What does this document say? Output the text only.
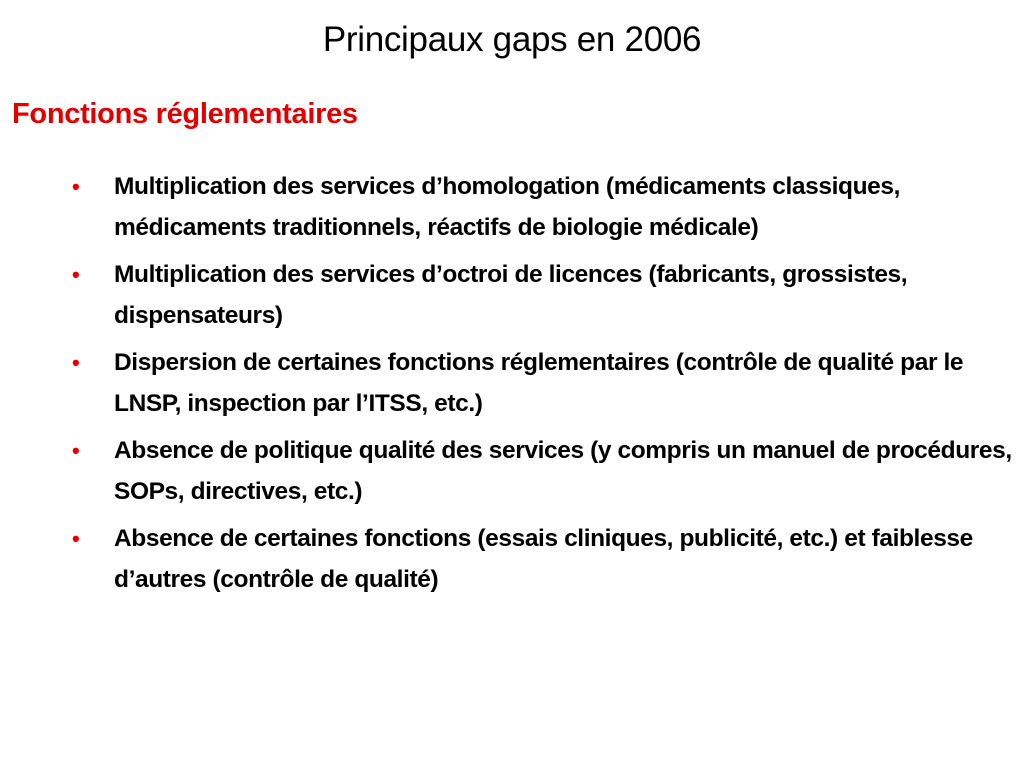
Principaux gaps en 2006
Fonctions réglementaires
• Multiplication des services d’homologation (médicaments classiques, médicaments traditionnels, réactifs de biologie médicale)
• Multiplication des services d’octroi de licences (fabricants, grossistes, dispensateurs)
• Dispersion de certaines fonctions réglementaires (contrôle de qualité par le LNSP, inspection par l’ITSS, etc.)
• Absence de politique qualité des services (y compris un manuel de procédures, SOPs, directives, etc.)
• Absence de certaines fonctions (essais cliniques, publicité, etc.) et faiblesse d’autres (contrôle de qualité)
